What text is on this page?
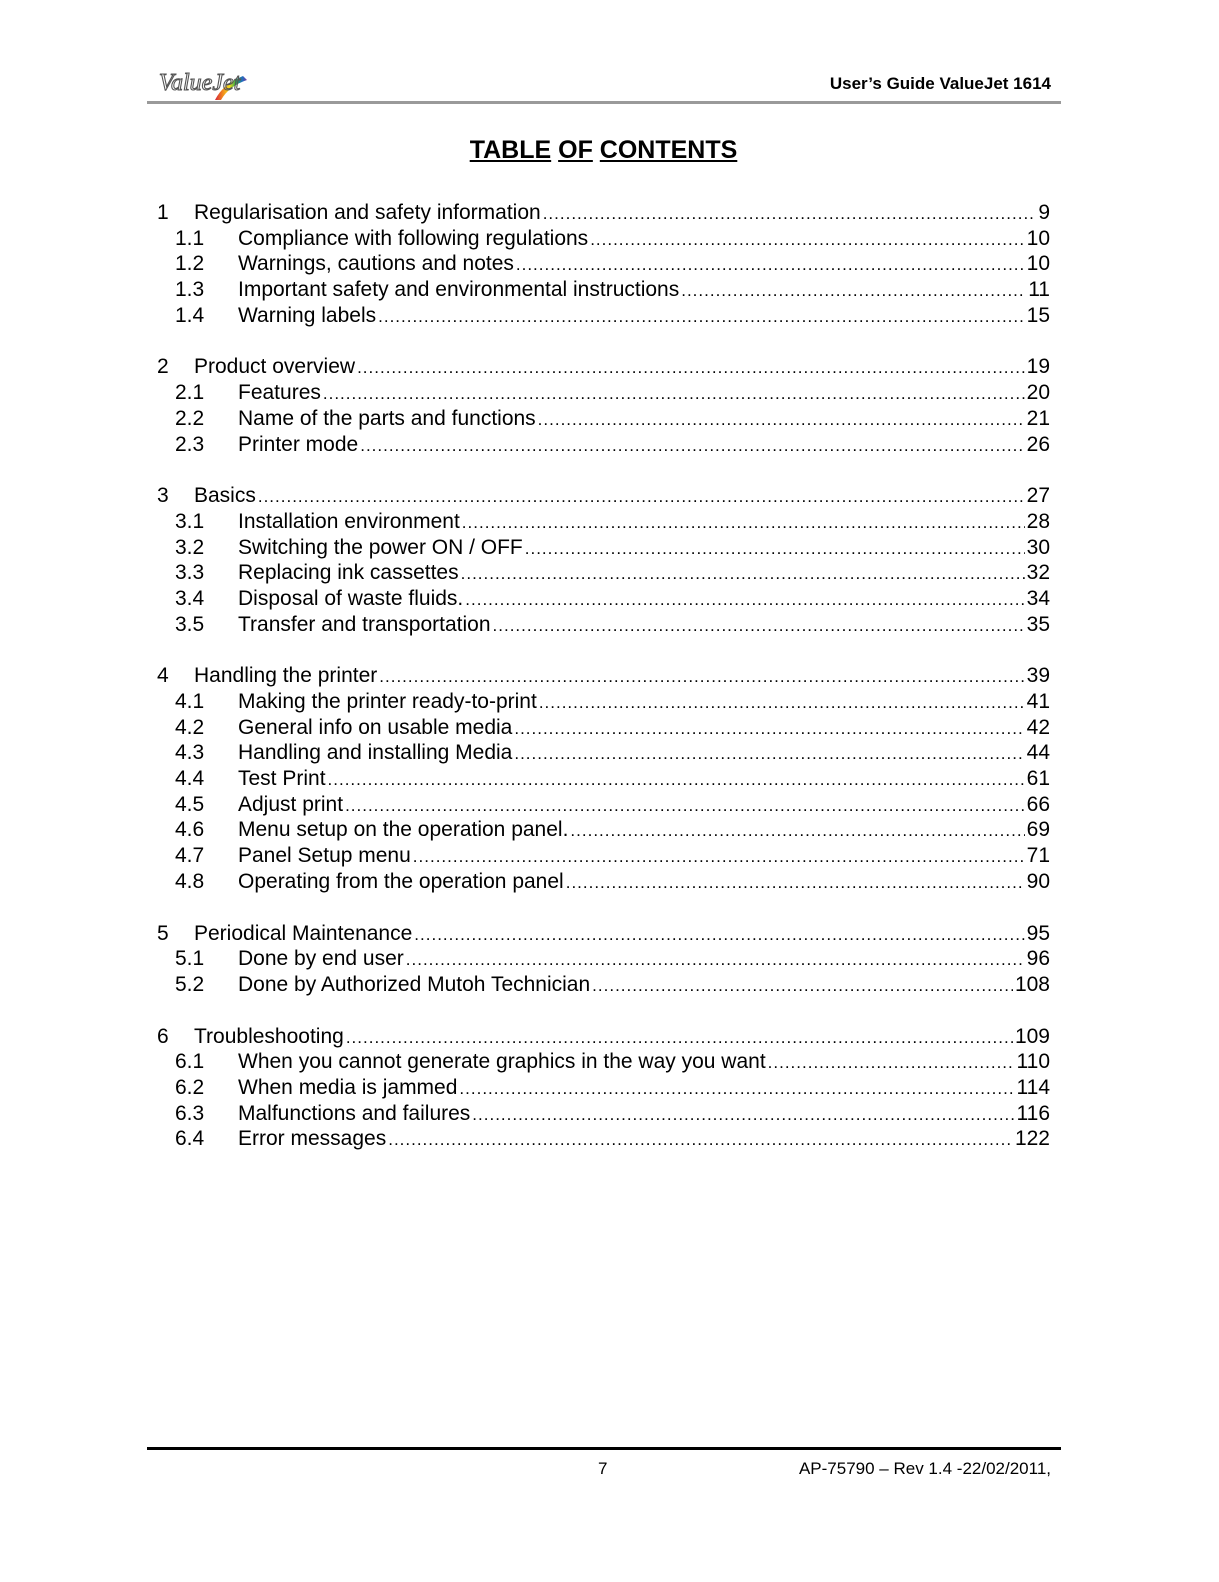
ValueJet	User’s Guide ValueJet 1614
TABLE OF CONTENTS
1	Regularisation and safety information .....	9
1.1	Compliance with following regulations .....	10
1.2	Warnings, cautions and notes .....	10
1.3	Important safety and environmental instructions .....	11
1.4	Warning labels .....	15
2	Product overview .....	19
2.1	Features .....	20
2.2	Name of the parts and functions .....	21
2.3	Printer mode .....	26
3	Basics .....	27
3.1	Installation environment .....	28
3.2	Switching the power ON / OFF .....	30
3.3	Replacing ink cassettes .....	32
3.4	Disposal of waste fluids. .....	34
3.5	Transfer and transportation .....	35
4	Handling the printer .....	39
4.1	Making the printer ready-to-print .....	41
4.2	General info on usable media .....	42
4.3	Handling and installing Media .....	44
4.4	Test Print .....	61
4.5	Adjust print .....	66
4.6	Menu setup on the operation panel. .....	69
4.7	Panel Setup menu .....	71
4.8	Operating from the operation panel .....	90
5	Periodical Maintenance .....	95
5.1	Done by end user .....	96
5.2	Done by Authorized Mutoh Technician .....	108
6	Troubleshooting .....	109
6.1	When you cannot generate graphics in the way you want .....	110
6.2	When media is jammed .....	114
6.3	Malfunctions and failures .....	116
6.4	Error messages .....	122
7	AP-75790 – Rev 1.4 -22/02/2011,
